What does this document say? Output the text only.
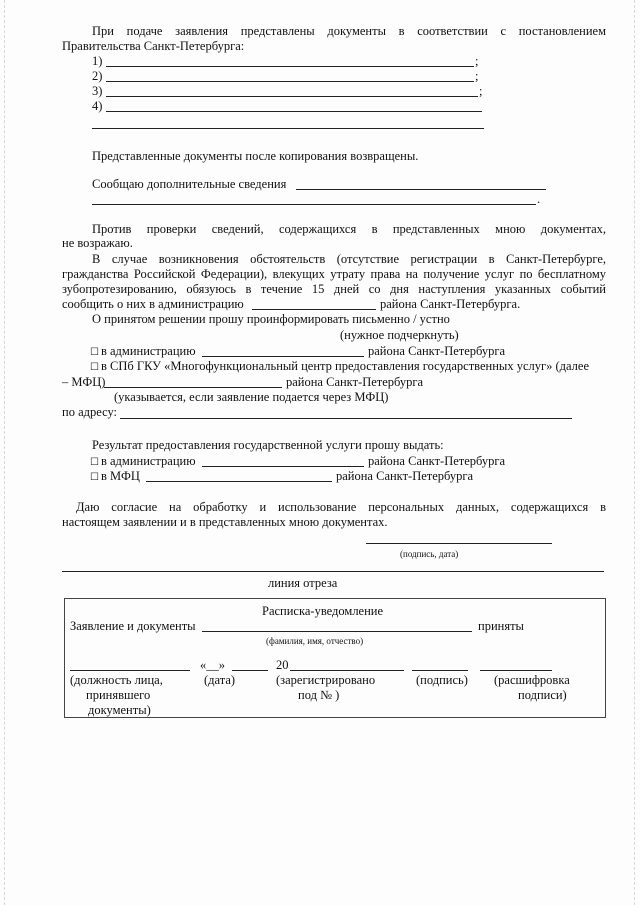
При подаче заявления представлены документы в соответствии с постановлением
Правительства Санкт-Петербурга:
1)	;
2)	;
3)	;
4)
Представленные документы после копирования возвращены.
Сообщаю дополнительные сведения
.
Против проверки сведений, содержащихся в представленных мною документах,
не возражаю.
В случае возникновения обстоятельств (отсутствие регистрации в Санкт-Петербурге,
гражданства Российской Федерации), влекущих утрату права на получение услуг по бесплатному
зубопротезированию, обязуюсь в течение 15 дней со дня наступления указанных событий
сообщить о них в администрацию	района Санкт-Петербурга.
О принятом решении прошу проинформировать письменно / устно
(нужное подчеркнуть)
☐ в администрацию	района Санкт-Петербурга
☐ в СПб ГКУ «Многофункциональный центр предоставления государственных услуг» (далее
– МФЦ)	района Санкт-Петербурга
(указывается, если заявление подается через МФЦ)
по адресу:
Результат предоставления государственной услуги прошу выдать:
☐ в администрацию	района Санкт-Петербурга
☐ в МФЦ	района Санкт-Петербурга
Даю согласие на обработку и использование персональных данных, содержащихся в
настоящем заявлении и в представленных мною документах.
(подпись, дата)
линия отреза
Расписка-уведомление
Заявление и документы	приняты
(фамилия, имя, отчество)
«__»	20
(должность лица,
принявшего
документы)
(дата)	(зарегистрировано
под № )
(подпись) (расшифровка
подписи)
